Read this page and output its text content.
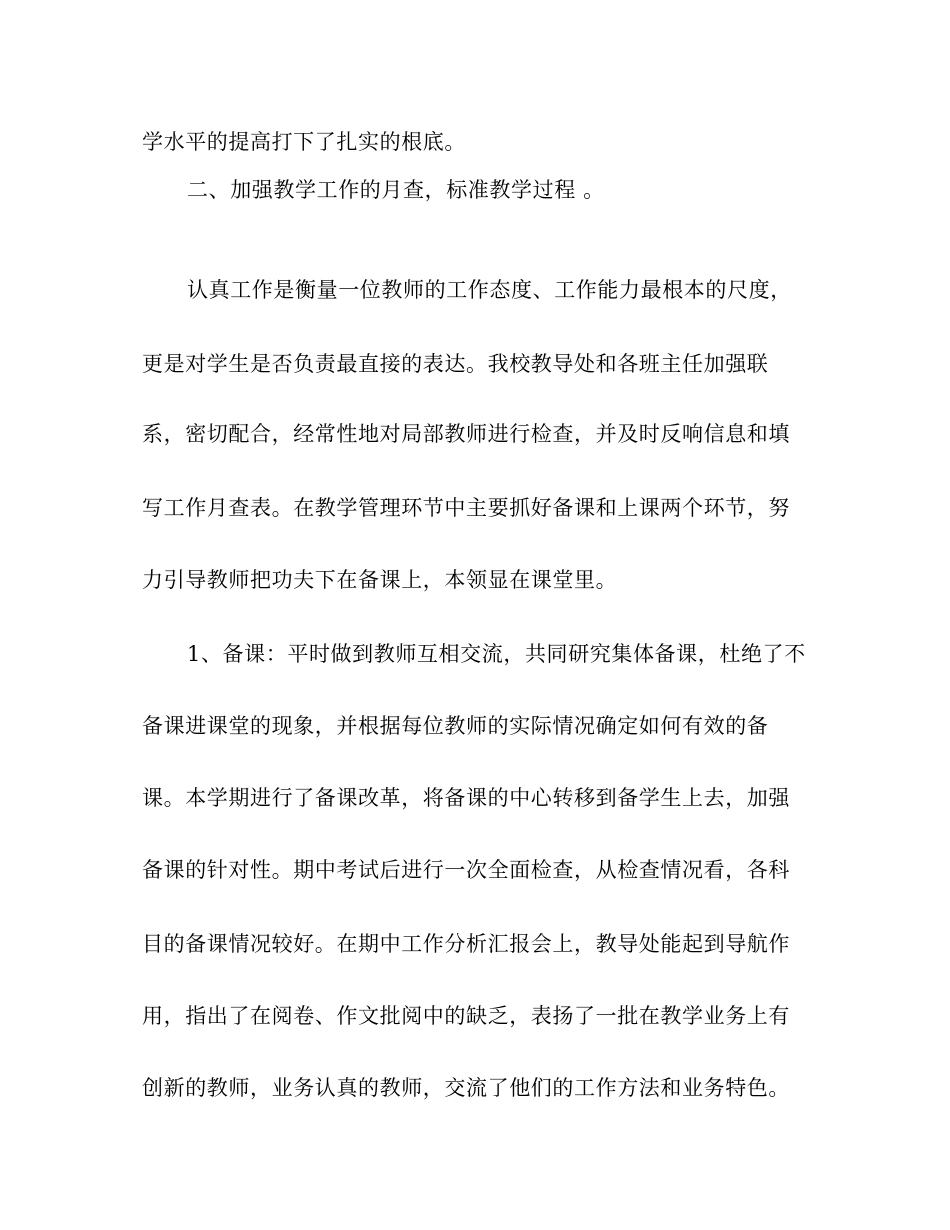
学水平的提高打下了扎实的根底。
二、加强教学工作的月查，标准教学过程 。
认真工作是衡量一位教师的工作态度、工作能力最根本的尺度，
更是对学生是否负责最直接的表达。我校教导处和各班主任加强联
系，密切配合，经常性地对局部教师进行检查，并及时反响信息和填
写工作月查表。在教学管理环节中主要抓好备课和上课两个环节，努
力引导教师把功夫下在备课上，本领显在课堂里。
1、备课：平时做到教师互相交流，共同研究集体备课，杜绝了不
备课进课堂的现象，并根据每位教师的实际情况确定如何有效的备
课。本学期进行了备课改革，将备课的中心转移到备学生上去，加强
备课的针对性。期中考试后进行一次全面检查，从检查情况看，各科
目的备课情况较好。在期中工作分析汇报会上，教导处能起到导航作
用，指出了在阅卷、作文批阅中的缺乏，表扬了一批在教学业务上有
创新的教师，业务认真的教师，交流了他们的工作方法和业务特色。
